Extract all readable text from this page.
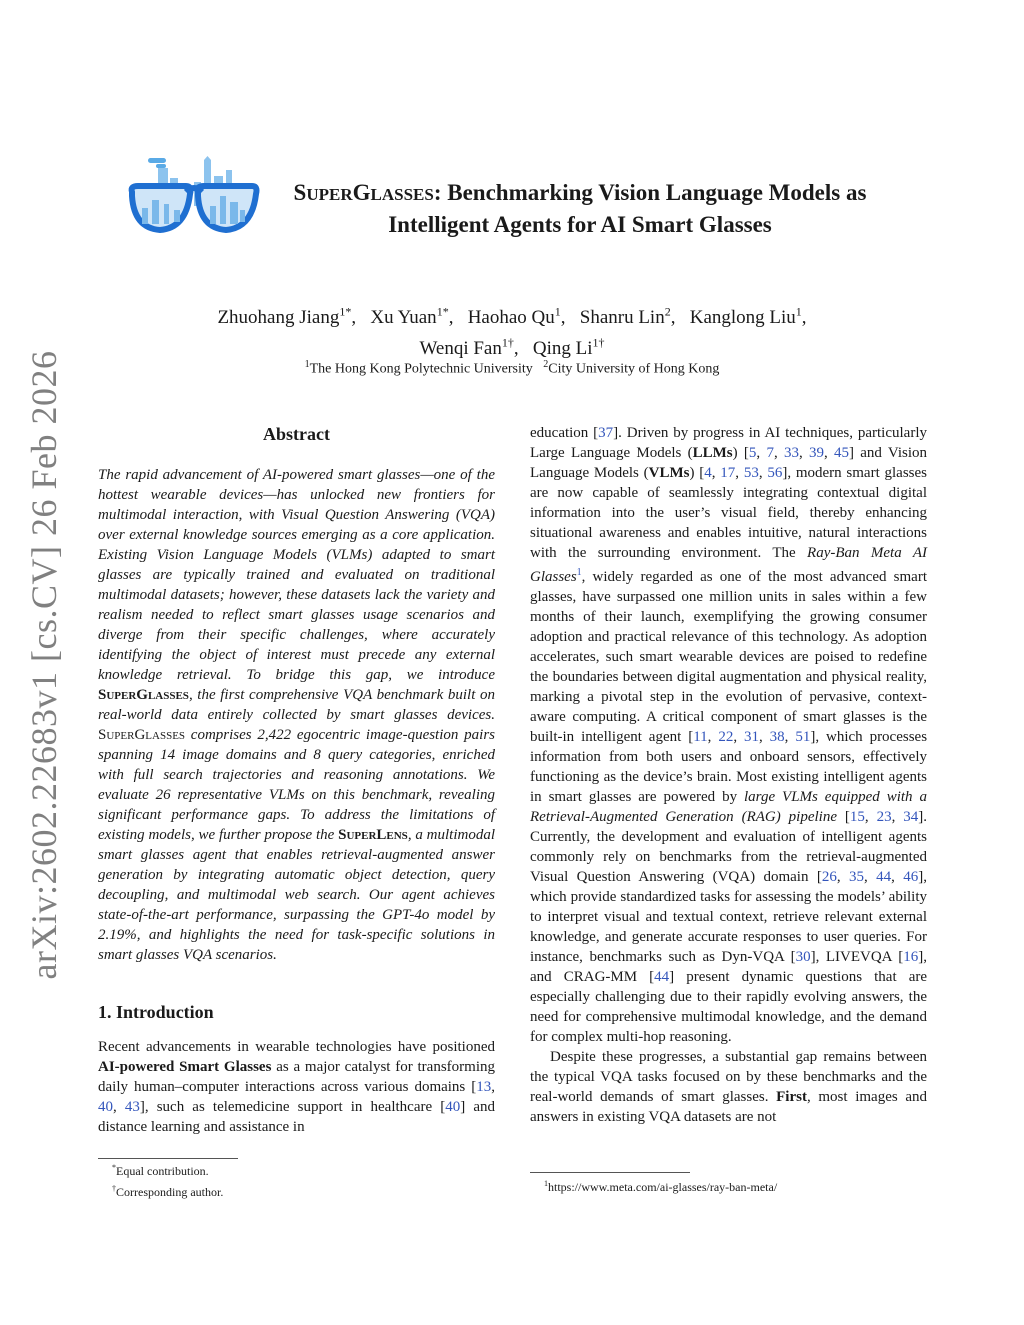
arXiv:2602.22683v1 [cs.CV] 26 Feb 2026
SUPERGLASSES: Benchmarking Vision Language Models as
Intelligent Agents for AI Smart Glasses
Zhuohang Jiang$^{1*}$, Xu Yuan$^{1*}$, Haohao Qu$^1$, Shanru Lin$^2$, Kanglong Liu$^1$,
Wenqi Fan$^{1\dagger}$, Qing $Li^{1\dagger}$
$^1$The Hong Kong Polytechnic University $^2$City University of Hong Kong
Abstract

The rapid advancement of AI-powered smart glasses—one of the hottest wearable devices—has unlocked new frontiers for multimodal interaction, with Visual Question Answering (VQA) over external knowledge sources emerging as a core application. Existing Vision Language Models (VLMs) adapted to smart glasses are typically trained and evaluated on traditional multimodal datasets; however, these datasets lack the variety and realism needed to reflect smart glasses usage scenarios and diverge from their specific challenges, where accurately identifying the object of interest must precede any external knowledge retrieval. To bridge this gap, we introduce SuperGlasses, the first comprehensive VQA benchmark built on real-world data entirely collected by smart glasses devices. SuperGlasses comprises 2,422 egocentric image-question pairs spanning 14 image domains and 8 query categories, enriched with full search trajectories and reasoning annotations. We evaluate 26 representative VLMs on this benchmark, revealing significant performance gaps. To address the limitations of existing models, we further propose the SuperLens, a multimodal smart glasses agent that enables retrieval-augmented answer generation by integrating automatic object detection, query decoupling, and multimodal web search. Our agent achieves state-of-the-art performance, surpassing the GPT-4o model by 2.19%, and highlights the need for task-specific solutions in smart glasses VQA scenarios.

1. Introduction

Recent advancements in wearable technologies have positioned AI-powered Smart Glasses as a major catalyst for transforming daily human–computer interactions across various domains [13, 40, 43], such as telemedicine support in healthcare [40] and distance learning and assistance in

*Equal contribution.
†Corresponding author.

education [37]. Driven by progress in AI techniques, particularly Large Language Models (LLMs) [5, 7, 33, 39, 45] and Vision Language Models (VLMs) [4, 17, 53, 56], modern smart glasses are now capable of seamlessly integrating contextual digital information into the user’s visual field, thereby enhancing situational awareness and enables intuitive, natural interactions with the surrounding environment. The Ray-Ban Meta AI Glasses$^1$, widely regarded as one of the most advanced smart glasses, have surpassed one million units in sales within a few months of their launch, exemplifying the growing consumer adoption and practical relevance of this technology. As adoption accelerates, such smart wearable devices are poised to redefine the boundaries between digital augmentation and physical reality, marking a pivotal step in the evolution of pervasive, context-aware computing. A critical component of smart glasses is the built-in intelligent agent [11, 22, 31, 38, 51], which processes information from both users and onboard sensors, effectively functioning as the device’s brain. Most existing intelligent agents in smart glasses are powered by large VLMs equipped with a Retrieval-Augmented Generation (RAG) pipeline [15, 23, 34]. Currently, the development and evaluation of intelligent agents commonly rely on benchmarks from the retrieval-augmented Visual Question Answering (VQA) domain [26, 35, 44, 46], which provide standardized tasks for assessing the models’ ability to interpret visual and textual context, retrieve relevant external knowledge, and generate accurate responses to user queries. For instance, benchmarks such as Dyn-VQA [30], LIVEVQA [16], and CRAG-MM [44] present dynamic questions that are especially challenging due to their rapidly evolving answers, the need for comprehensive multimodal knowledge, and the demand for complex multi-hop reasoning.

Despite these progresses, a substantial gap remains between the typical VQA tasks focused on by these benchmarks and the real-world demands of smart glasses. First, most images and answers in existing VQA datasets are not

$^1$https://www.meta.com/ai-glasses/ray-ban-meta/
